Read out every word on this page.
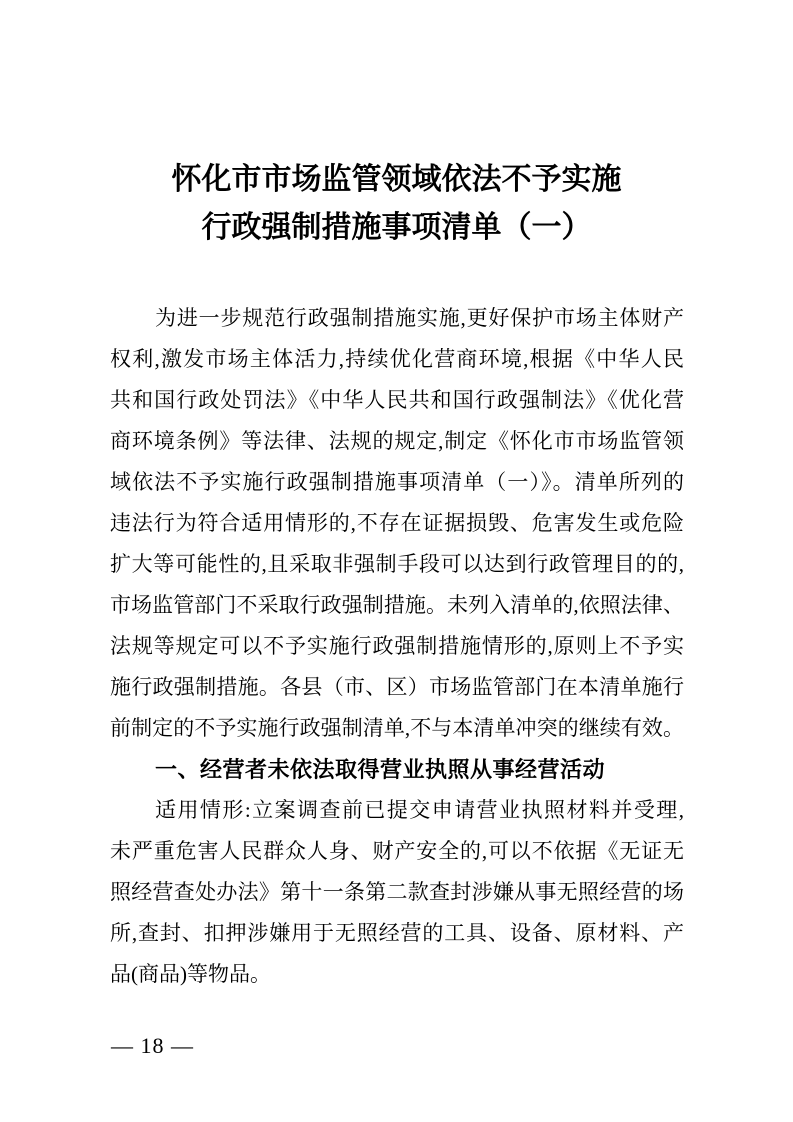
怀化市市场监管领域依法不予实施
行政强制措施事项清单（一）
为进一步规范行政强制措施实施,更好保护市场主体财产
权利,激发市场主体活力,持续优化营商环境,根据《中华人民
共和国行政处罚法》《中华人民共和国行政强制法》《优化营
商环境条例》等法律、法规的规定,制定《怀化市市场监管领
域依法不予实施行政强制措施事项清单（一）》。清单所列的
违法行为符合适用情形的,不存在证据损毁、危害发生或危险
扩大等可能性的,且采取非强制手段可以达到行政管理目的的,
市场监管部门不采取行政强制措施。未列入清单的,依照法律、
法规等规定可以不予实施行政强制措施情形的,原则上不予实
施行政强制措施。各县（市、区）市场监管部门在本清单施行
前制定的不予实施行政强制清单,不与本清单冲突的继续有效。
一、经营者未依法取得营业执照从事经营活动
适用情形:立案调查前已提交申请营业执照材料并受理,
未严重危害人民群众人身、财产安全的,可以不依据《无证无
照经营查处办法》第十一条第二款查封涉嫌从事无照经营的场
所,查封、扣押涉嫌用于无照经营的工具、设备、原材料、产
品(商品)等物品。
— 18 —
